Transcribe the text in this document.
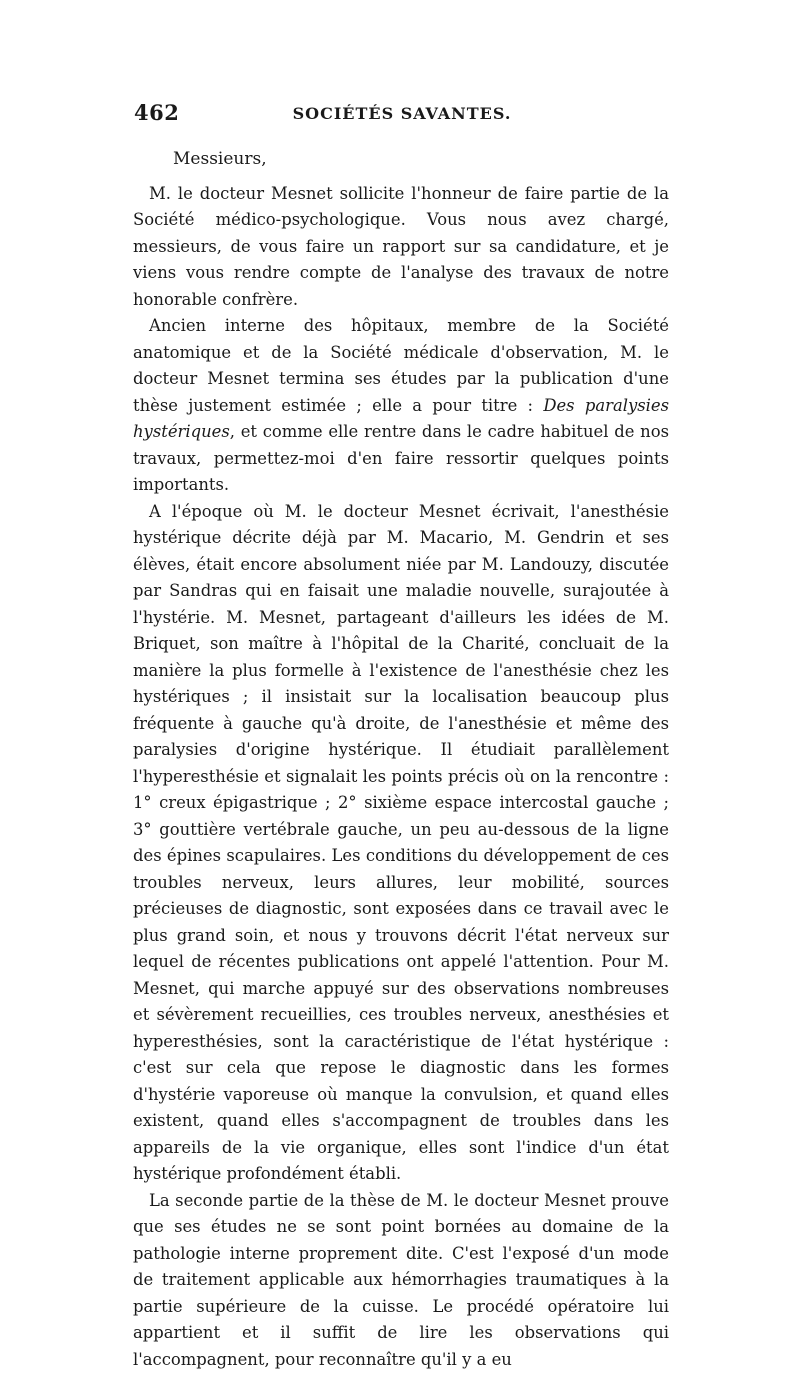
462	SOCIÉTÉS SAVANTES.
Messieurs,

M. le docteur Mesnet sollicite l'honneur de faire partie de la Société médico-psychologique. Vous nous avez chargé, messieurs, de vous faire un rapport sur sa candidature, et je viens vous rendre compte de l'analyse des travaux de notre honorable confrère.

Ancien interne des hôpitaux, membre de la Société anatomique et de la Société médicale d'observation, M. le docteur Mesnet termina ses études par la publication d'une thèse justement estimée ; elle a pour titre : Des paralysies hystériques, et comme elle rentre dans le cadre habituel de nos travaux, permettez-moi d'en faire ressortir quelques points importants.

A l'époque où M. le docteur Mesnet écrivait, l'anesthésie hystérique décrite déjà par M. Macario, M. Gendrin et ses élèves, était encore absolument niée par M. Landouzy, discutée par Sandras qui en faisait une maladie nouvelle, surajoutée à l'hystérie. M. Mesnet, partageant d'ailleurs les idées de M. Briquet, son maître à l'hôpital de la Charité, concluait de la manière la plus formelle à l'existence de l'anesthésie chez les hystériques ; il insistait sur la localisation beaucoup plus fréquente à gauche qu'à droite, de l'anesthésie et même des paralysies d'origine hystérique. Il étudiait parallèlement l'hyperesthésie et signalait les points précis où on la rencontre : 1° creux épigastrique ; 2° sixième espace intercostal gauche ; 3° gouttière vertébrale gauche, un peu au-dessous de la ligne des épines scapulaires. Les conditions du développement de ces troubles nerveux, leurs allures, leur mobilité, sources précieuses de diagnostic, sont exposées dans ce travail avec le plus grand soin, et nous y trouvons décrit l'état nerveux sur lequel de récentes publications ont appelé l'attention. Pour M. Mesnet, qui marche appuyé sur des observations nombreuses et sévèrement recueillies, ces troubles nerveux, anesthésies et hyperesthésies, sont la caractéristique de l'état hystérique : c'est sur cela que repose le diagnostic dans les formes d'hystérie vaporeuse où manque la convulsion, et quand elles existent, quand elles s'accompagnent de troubles dans les appareils de la vie organique, elles sont l'indice d'un état hystérique profondément établi.

La seconde partie de la thèse de M. le docteur Mesnet prouve que ses études ne se sont point bornées au domaine de la pathologie interne proprement dite. C'est l'exposé d'un mode de traitement applicable aux hémorrhagies traumatiques à la partie supérieure de la cuisse. Le procédé opératoire lui appartient et il suffit de lire les observations qui l'accompagnent, pour reconnaître qu'il y a eu
